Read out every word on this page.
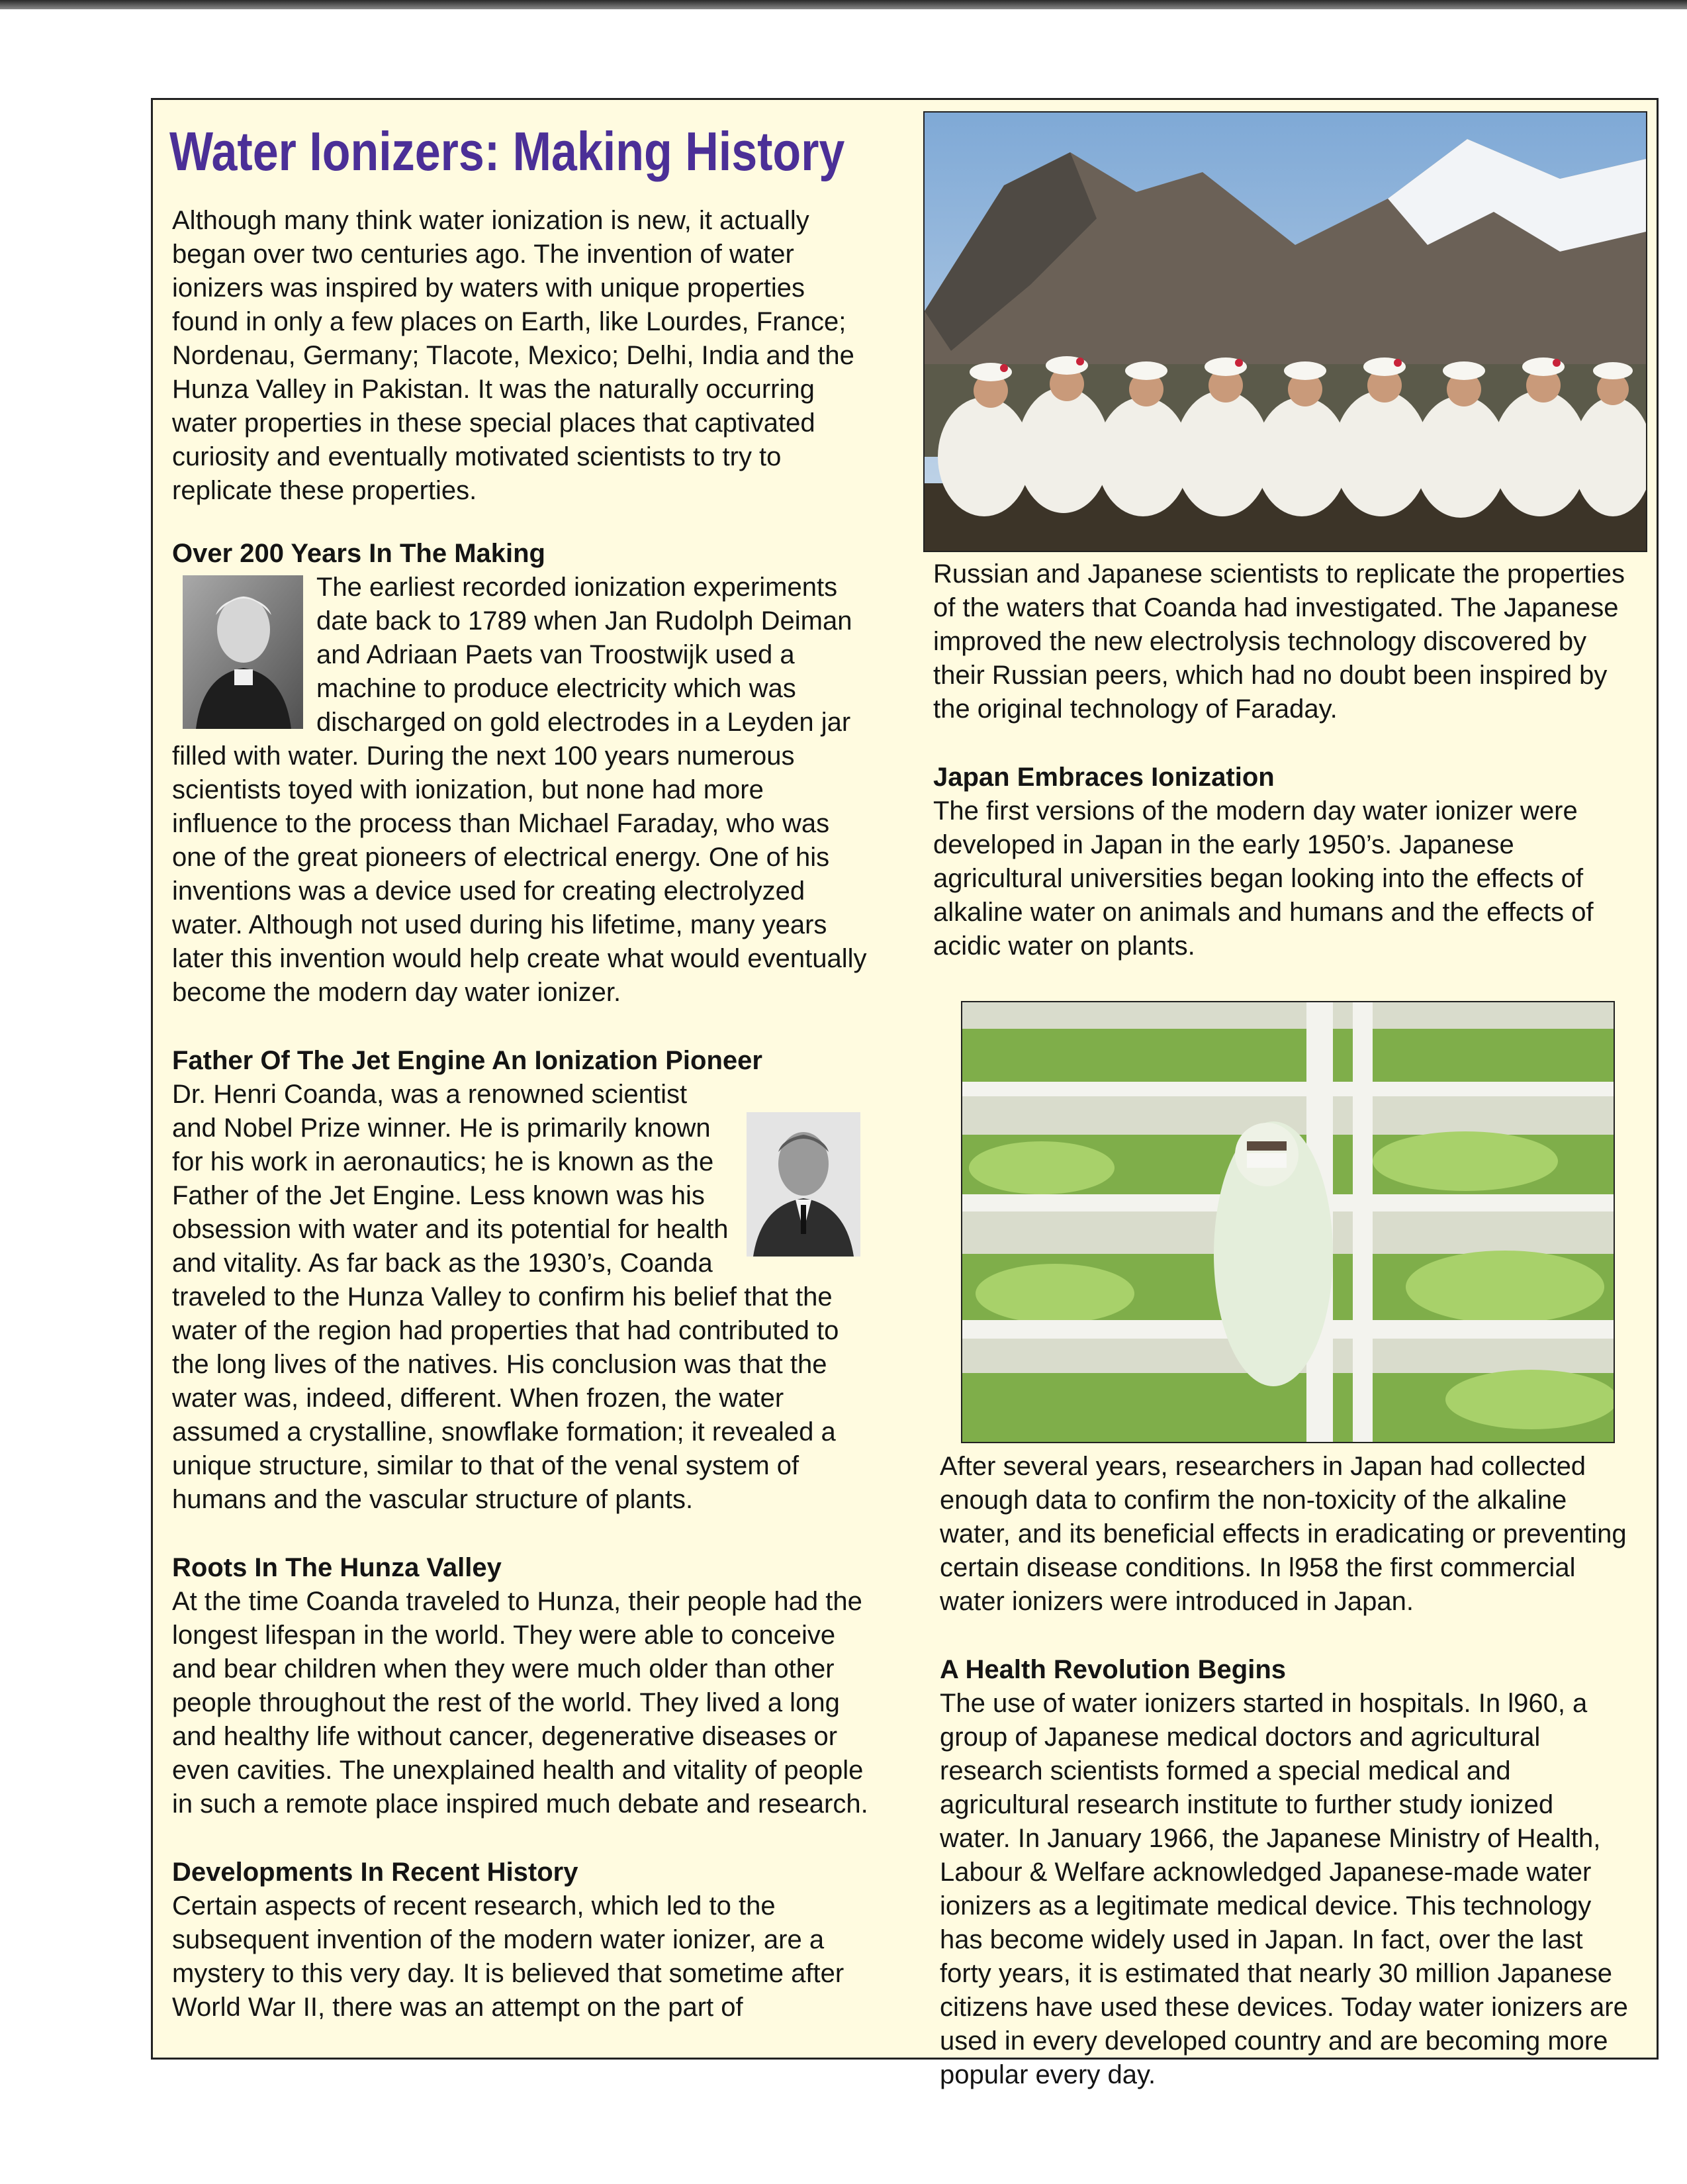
Water Ionizers: Making History

Although many think water ionization is new, it actually began over two centuries ago. The invention of water ionizers was inspired by waters with unique properties found in only a few places on Earth, like Lourdes, France; Nordenau, Germany; Tlacote, Mexico; Delhi, India and the Hunza Valley in Pakistan. It was the naturally occurring water properties in these special places that captivated curiosity and eventually motivated scientists to try to replicate these properties.

Over 200 Years In The Making

The earliest recorded ionization experiments date back to 1789 when Jan Rudolph Deiman and Adriaan Paets van Troostwijk used a machine to produce electricity which was discharged on gold electrodes in a Leyden jar filled with water. During the next 100 years numerous scientists toyed with ionization, but none had more influence to the process than Michael Faraday, who was one of the great pioneers of electrical energy. One of his inventions was a device used for creating electrolyzed water. Although not used during his lifetime, many years later this invention would help create what would eventually become the modern day water ionizer.

Father Of The Jet Engine An Ionization Pioneer

Dr. Henri Coanda, was a renowned scientist and Nobel Prize winner. He is primarily known for his work in aeronautics; he is known as the Father of the Jet Engine. Less known was his obsession with water and its potential for health and vitality. As far back as the 1930’s, Coanda traveled to the Hunza Valley to confirm his belief that the water of the region had properties that had contributed to the long lives of the natives. His conclusion was that the water was, indeed, different. When frozen, the water assumed a crystalline, snowflake formation; it revealed a unique structure, similar to that of the venal system of humans and the vascular structure of plants.

Roots In The Hunza Valley

At the time Coanda traveled to Hunza, their people had the longest lifespan in the world. They were able to conceive and bear children when they were much older than other people throughout the rest of the world. They lived a long and healthy life without cancer, degenerative diseases or even cavities. The unexplained health and vitality of people in such a remote place inspired much debate and research.

Developments In Recent History

Certain aspects of recent research, which led to the subsequent invention of the modern water ionizer, are a mystery to this very day. It is believed that sometime after World War II, there was an attempt on the part of

Russian and Japanese scientists to replicate the properties of the waters that Coanda had investigated. The Japanese improved the new electrolysis technology discovered by their Russian peers, which had no doubt been inspired by the original technology of Faraday.

Japan Embraces Ionization

The first versions of the modern day water ionizer were developed in Japan in the early 1950’s. Japanese agricultural universities began looking into the effects of alkaline water on animals and humans and the effects of acidic water on plants.

After several years, researchers in Japan had collected enough data to confirm the non-toxicity of the alkaline water, and its beneficial effects in eradicating or preventing certain disease conditions. In l958 the first commercial water ionizers were introduced in Japan.

A Health Revolution Begins

The use of water ionizers started in hospitals. In l960, a group of Japanese medical doctors and agricultural research scientists formed a special medical and agricultural research institute to further study ionized water. In January 1966, the Japanese Ministry of Health, Labour & Welfare acknowledged Japanese-made water ionizers as a legitimate medical device. This technology has become widely used in Japan. In fact, over the last forty years, it is estimated that nearly 30 million Japanese citizens have used these devices. Today water ionizers are used in every developed country and are becoming more popular every day.
